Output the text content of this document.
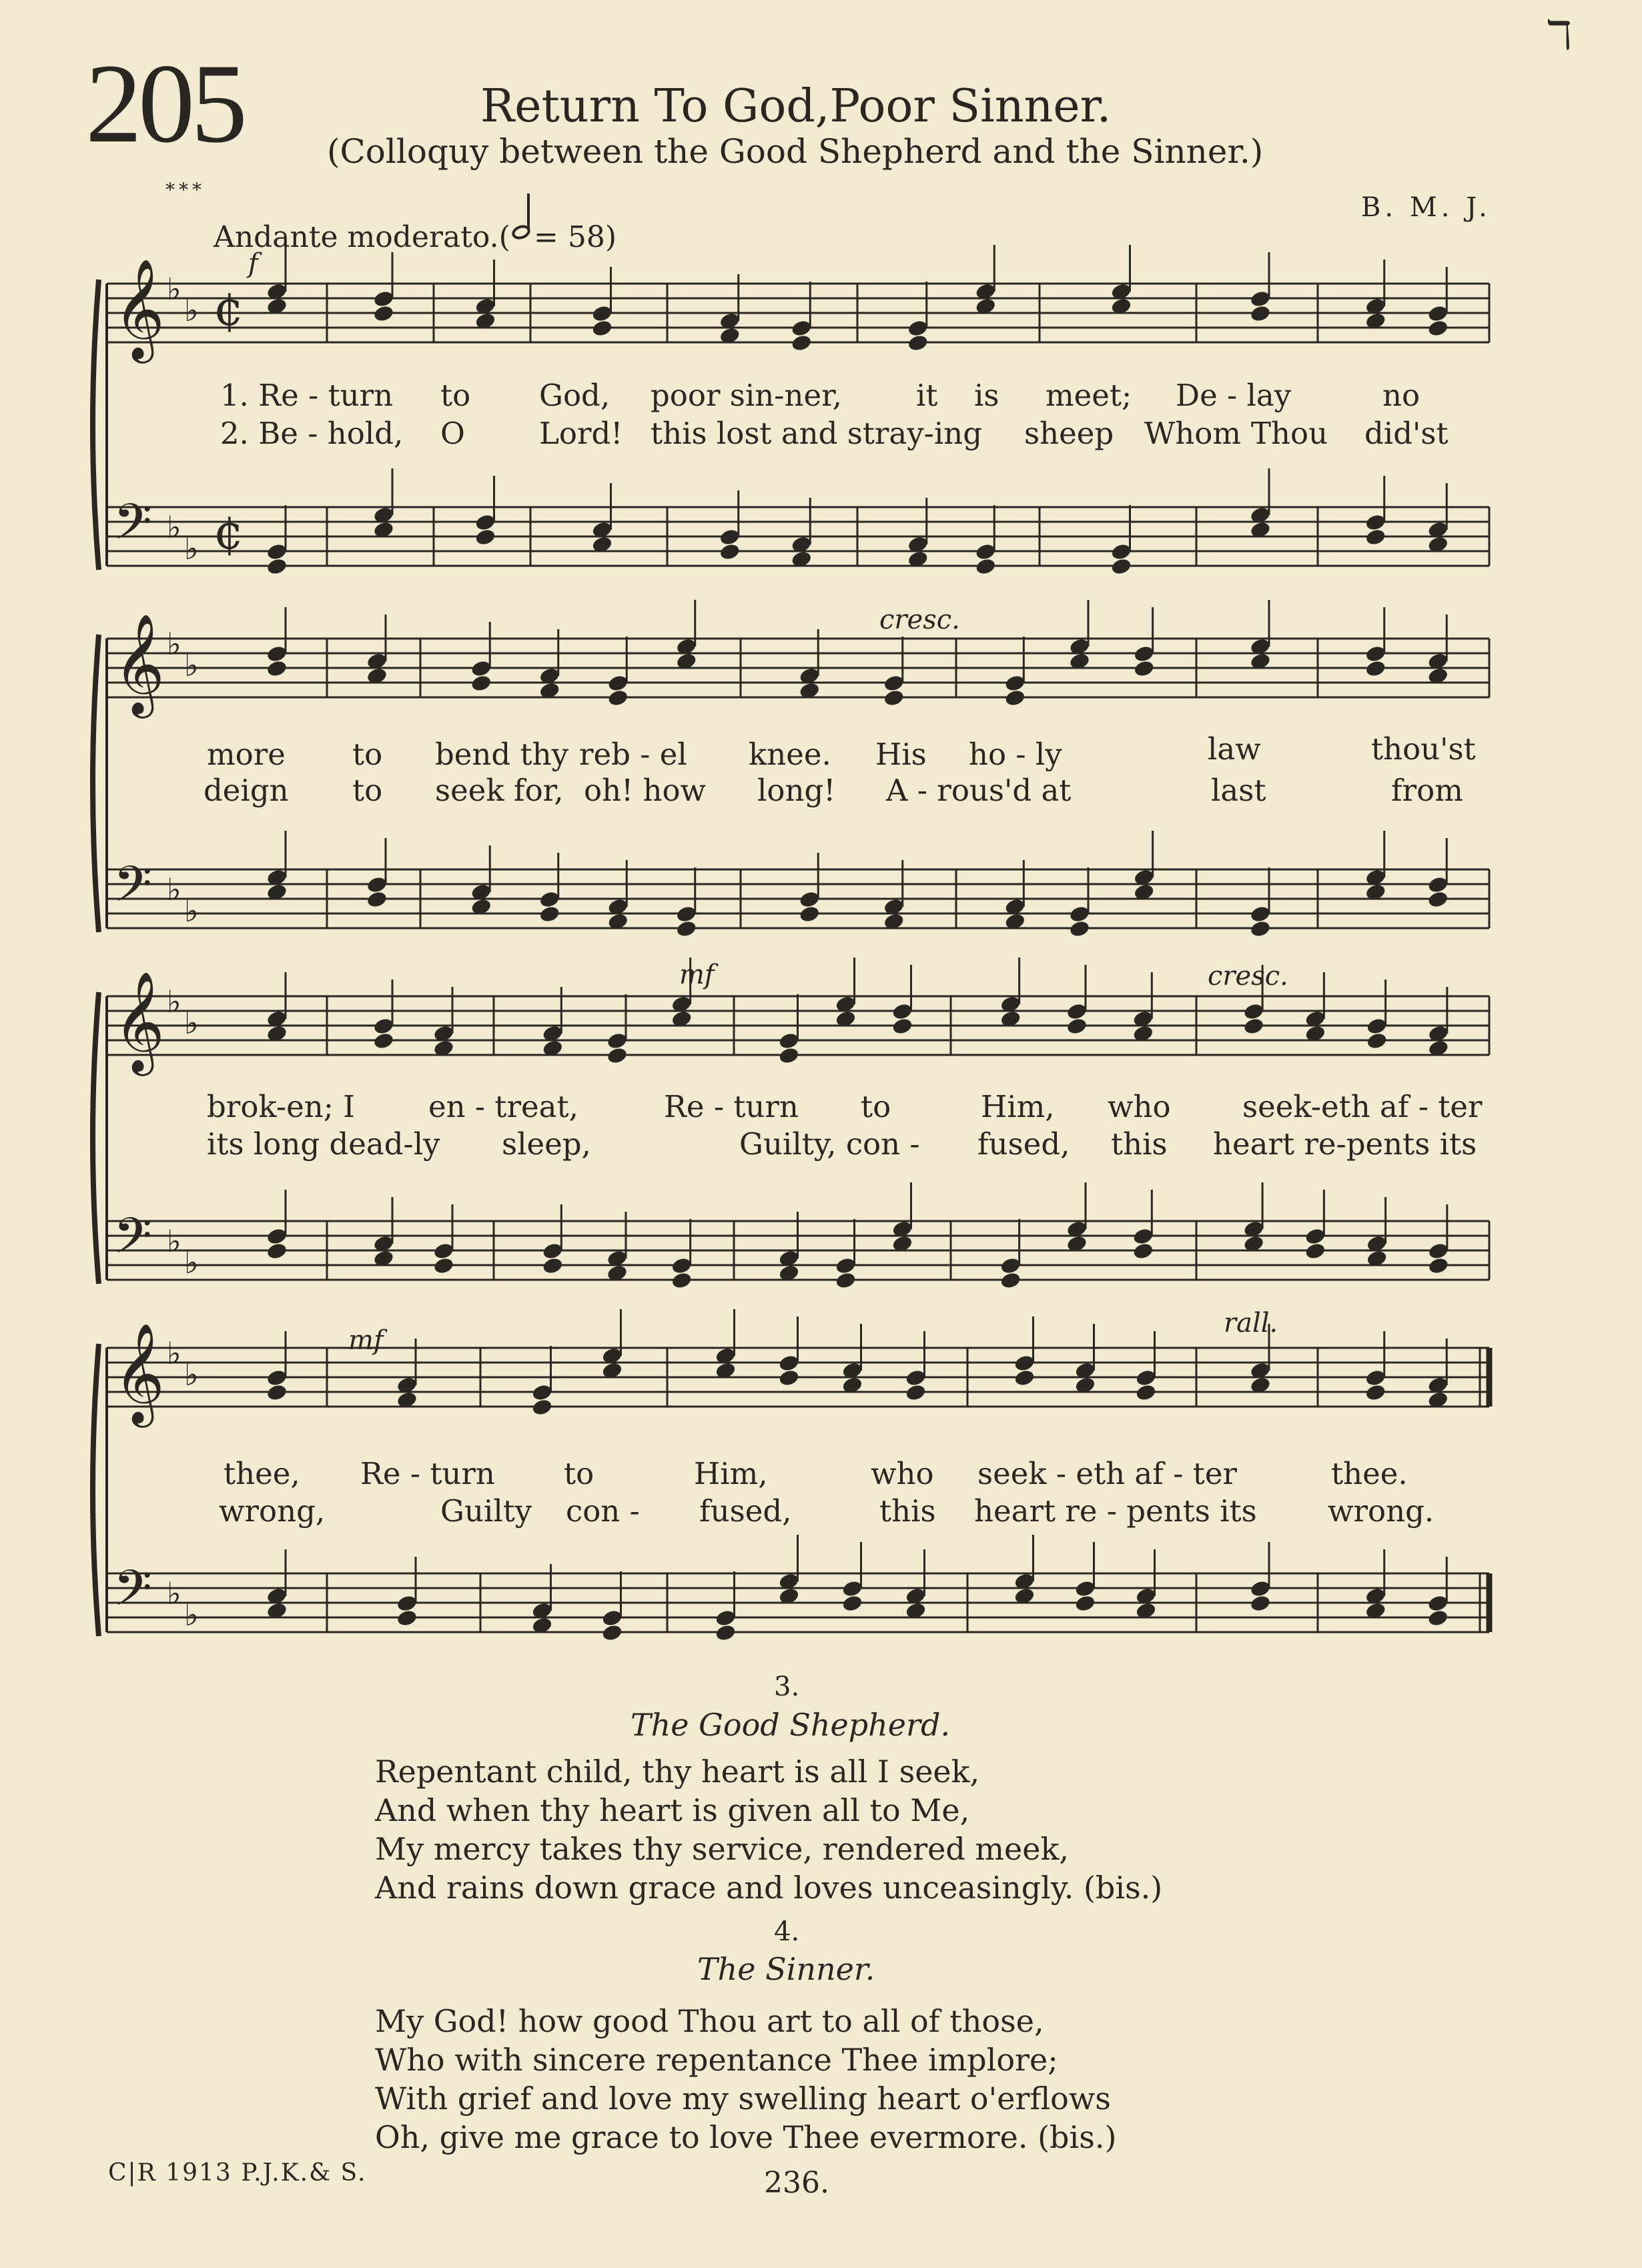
205
ℸ
Return To God,Poor Sinner.
(Colloquy between the Good Shepherd and the Sinner.)
***
B. M. J.
Andante moderato.( = 58)
𝄞 ♭
♭
𝄢 ♭
♭
¢
¢
𝄞 ♭
♭
𝄢 ♭
♭
𝄞 ♭
♭
𝄢 ♭
♭
𝄞 ♭
♭
𝄢 ♭
♭
f
cresc.
mf	cresc.
mf
rall.
1. Re - turn to God, poor sin-ner, it is meet; De - lay	no
2. Be - hold, O Lord! this lost and stray-ing sheep Whom Thou did'st
more to bend thy reb - el knee. His ho - ly	law	thou'st
deign to seek for, oh! how long! A - rous'd at	last	from
brok-en; I en - treat,	Re - turn to	Him, who seek-eth af - ter
its long dead-ly sleep,	Guilty, con - fused, this heart re-pents its
thee, Re - turn to	Him,	who seek - eth af - ter	thee.
wrong,	Guilty con - fused,	this heart re - pents its wrong.
3.
The Good Shepherd.
Repentant child, thy heart is all I seek,
And when thy heart is given all to Me,
My mercy takes thy service, rendered meek,
And rains down grace and loves unceasingly. (bis.)
4.
The Sinner.
My God! how good Thou art to all of those,
Who with sincere repentance Thee implore;
With grief and love my swelling heart o'erflows
Oh, give me grace to love Thee evermore. (bis.)
C|R 1913 P.J.K.& S.	236.
